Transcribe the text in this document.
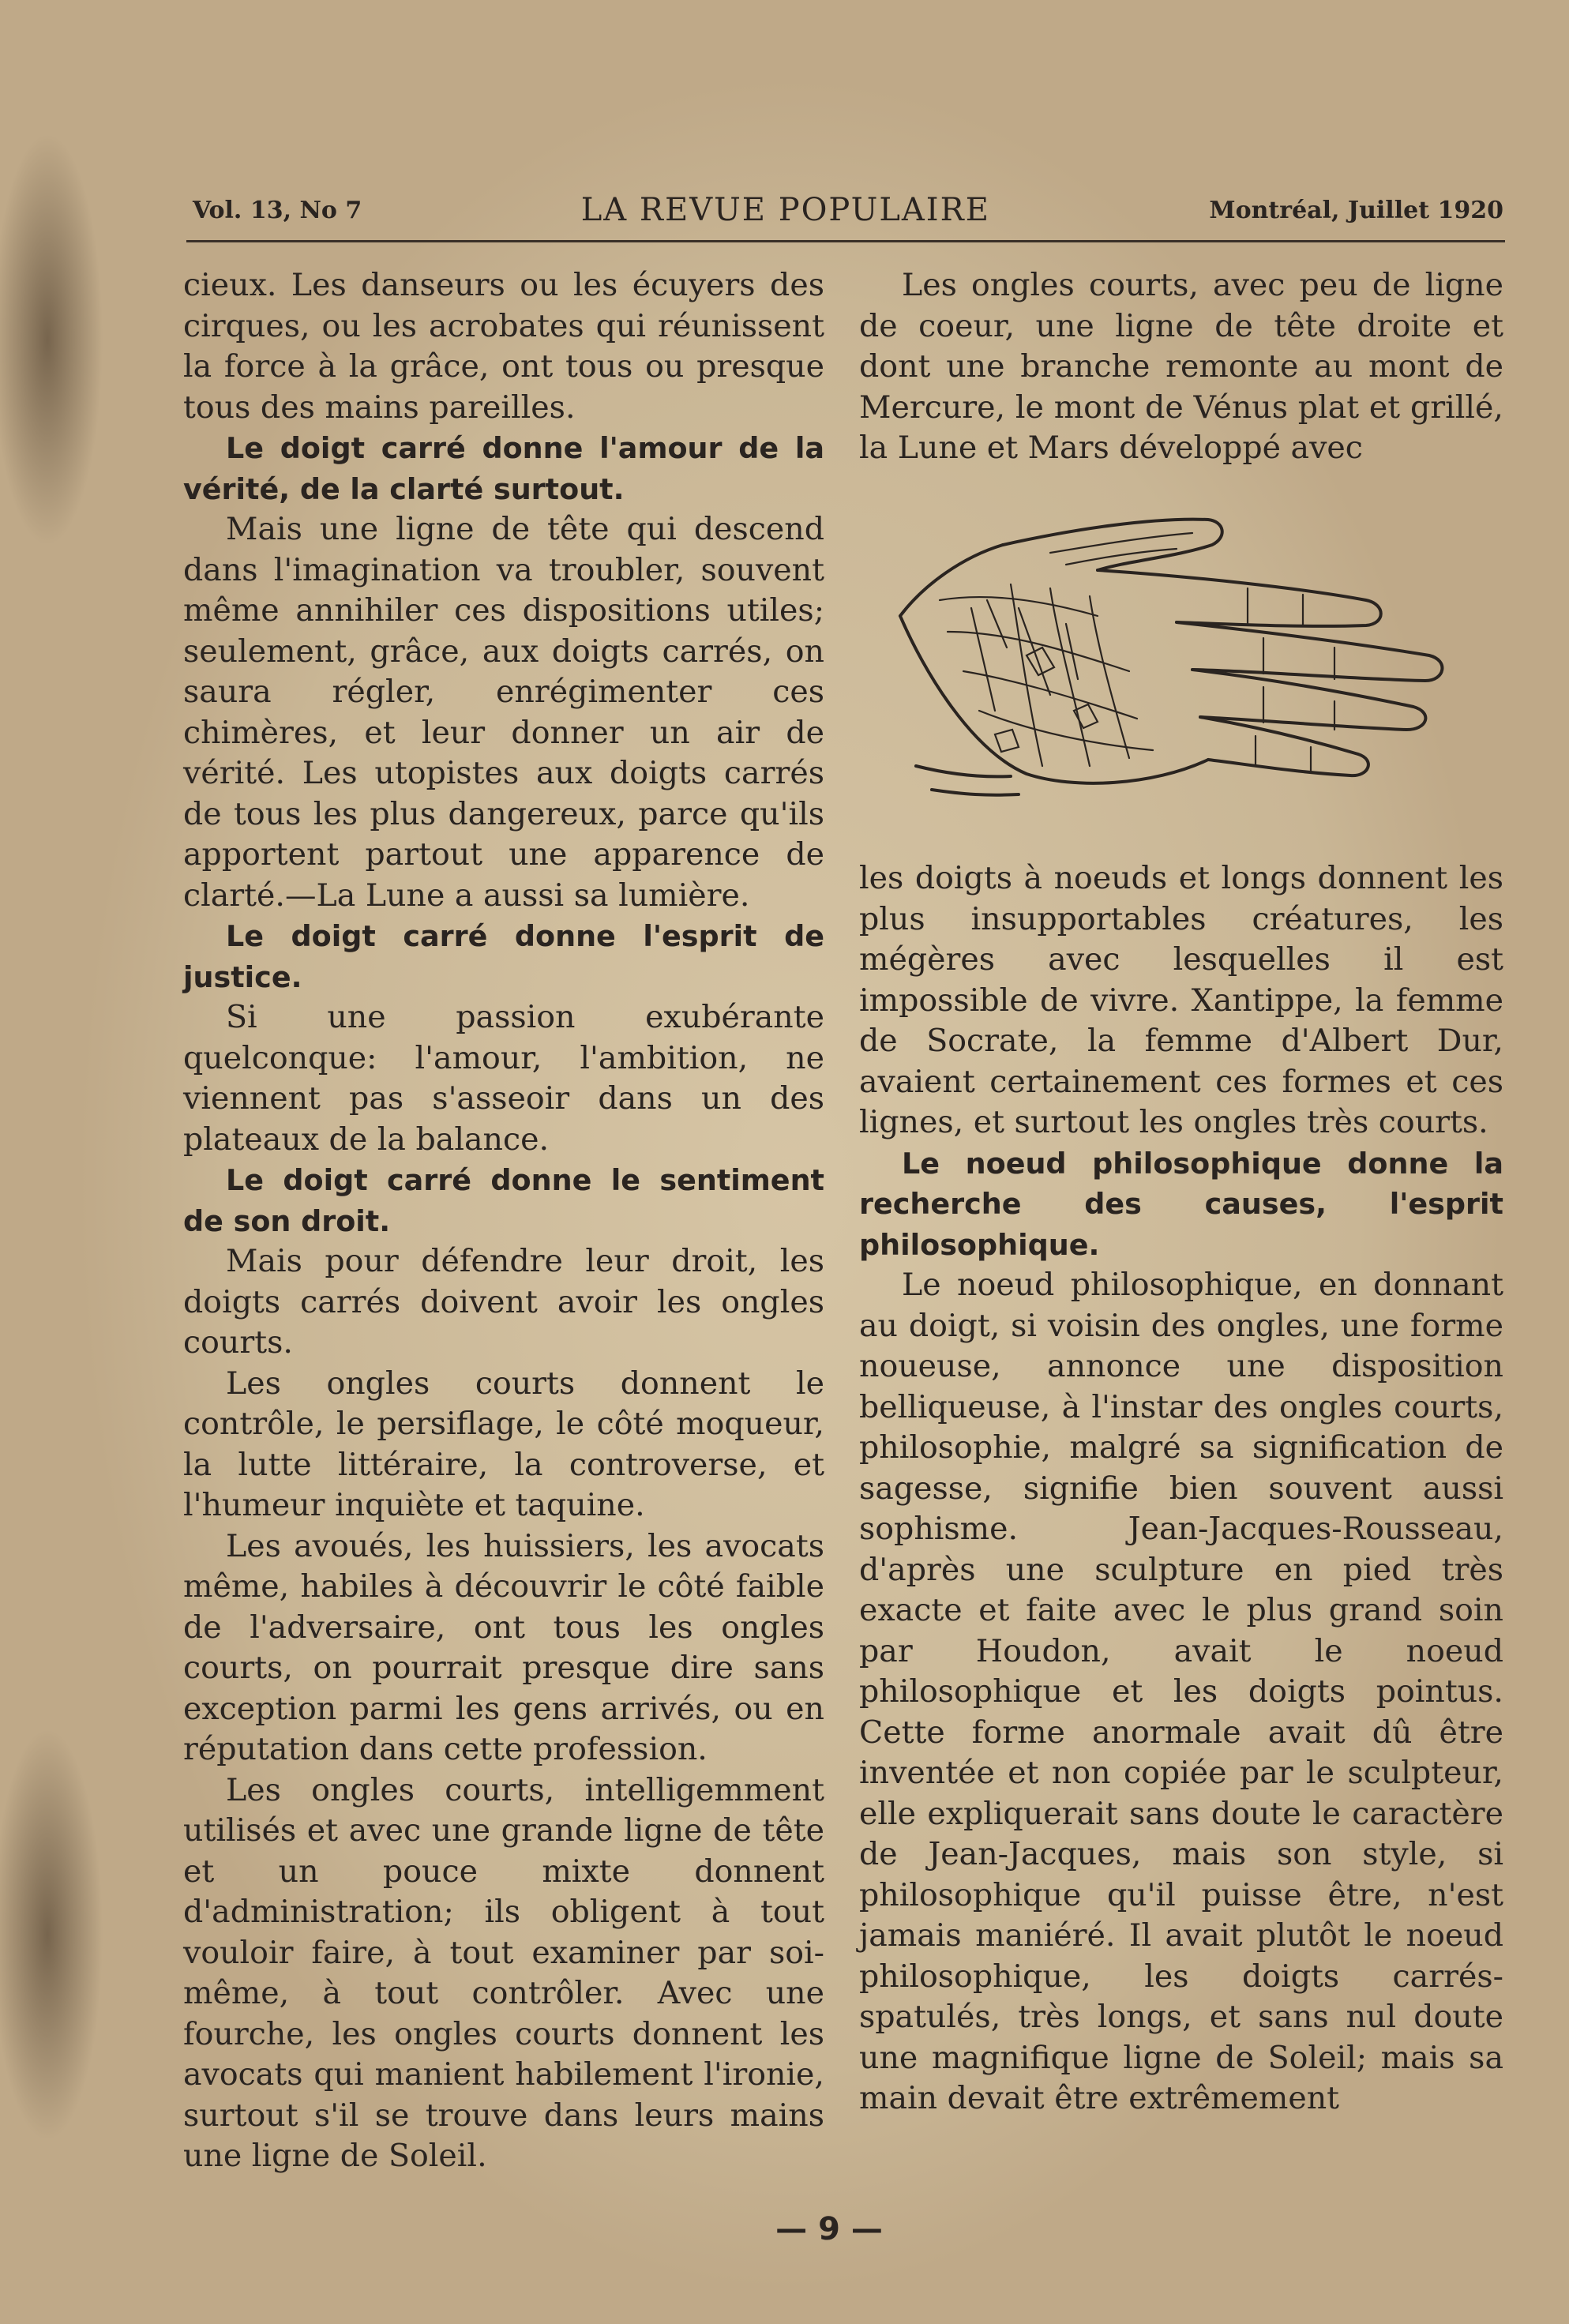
Vol. 13, No 7	LA REVUE POPULAIRE	Montréal, Juillet 1920

cieux. Les danseurs ou les écuyers des cirques, ou les acrobates qui réunissent la force à la grâce, ont tous ou presque tous des mains pareilles.

Le doigt carré donne l'amour de la vérité, de la clarté surtout.

Mais une ligne de tête qui descend dans l'imagination va troubler, souvent même annihiler ces dispositions utiles; seulement, grâce, aux doigts carrés, on saura régler, enrégimenter ces chimères, et leur donner un air de vérité. Les utopistes aux doigts carrés de tous les plus dangereux, parce qu'ils apportent partout une apparence de clarté.—La Lune a aussi sa lumière.

Le doigt carré donne l'esprit de justice.

Si une passion exubérante quelconque: l'amour, l'ambition, ne viennent pas s'asseoir dans un des plateaux de la balance.

Le doigt carré donne le sentiment de son droit.

Mais pour défendre leur droit, les doigts carrés doivent avoir les ongles courts.

Les ongles courts donnent le contrôle, le persiflage, le côté moqueur, la lutte littéraire, la controverse, et l'humeur inquiète et taquine.

Les avoués, les huissiers, les avocats même, habiles à découvrir le côté faible de l'adversaire, ont tous les ongles courts, on pourrait presque dire sans exception parmi les gens arrivés, ou en réputation dans cette profession.

Les ongles courts, intelligemment utilisés et avec une grande ligne de tête et un pouce mixte donnent d'administration; ils obligent à tout vouloir faire, à tout examiner par soi-même, à tout contrôler. Avec une fourche, les ongles courts donnent les avocats qui manient habilement l'ironie, surtout s'il se trouve dans leurs mains une ligne de Soleil.

Les ongles courts, avec peu de ligne de coeur, une ligne de tête droite et dont une branche remonte au mont de Mercure, le mont de Vénus plat et grillé, la Lune et Mars développé avec

les doigts à noeuds et longs donnent les plus insupportables créatures, les mégères avec lesquelles il est impossible de vivre. Xantippe, la femme de Socrate, la femme d'Albert Dur, avaient certainement ces formes et ces lignes, et surtout les ongles très courts.

Le noeud philosophique donne la recherche des causes, l'esprit philosophique.

Le noeud philosophique, en donnant au doigt, si voisin des ongles, une forme noueuse, annonce une disposition belliqueuse, à l'instar des ongles courts, philosophie, malgré sa signification de sagesse, signifie bien souvent aussi sophisme. Jean-Jacques-Rousseau, d'après une sculpture en pied très exacte et faite avec le plus grand soin par Houdon, avait le noeud philosophique et les doigts pointus. Cette forme anormale avait dû être inventée et non copiée par le sculpteur, elle expliquerait sans doute le caractère de Jean-Jacques, mais son style, si philosophique qu'il puisse être, n'est jamais maniéré. Il avait plutôt le noeud philosophique, les doigts carrés-spatulés, très longs, et sans nul doute une magnifique ligne de Soleil; mais sa main devait être extrêmement

— 9 —
